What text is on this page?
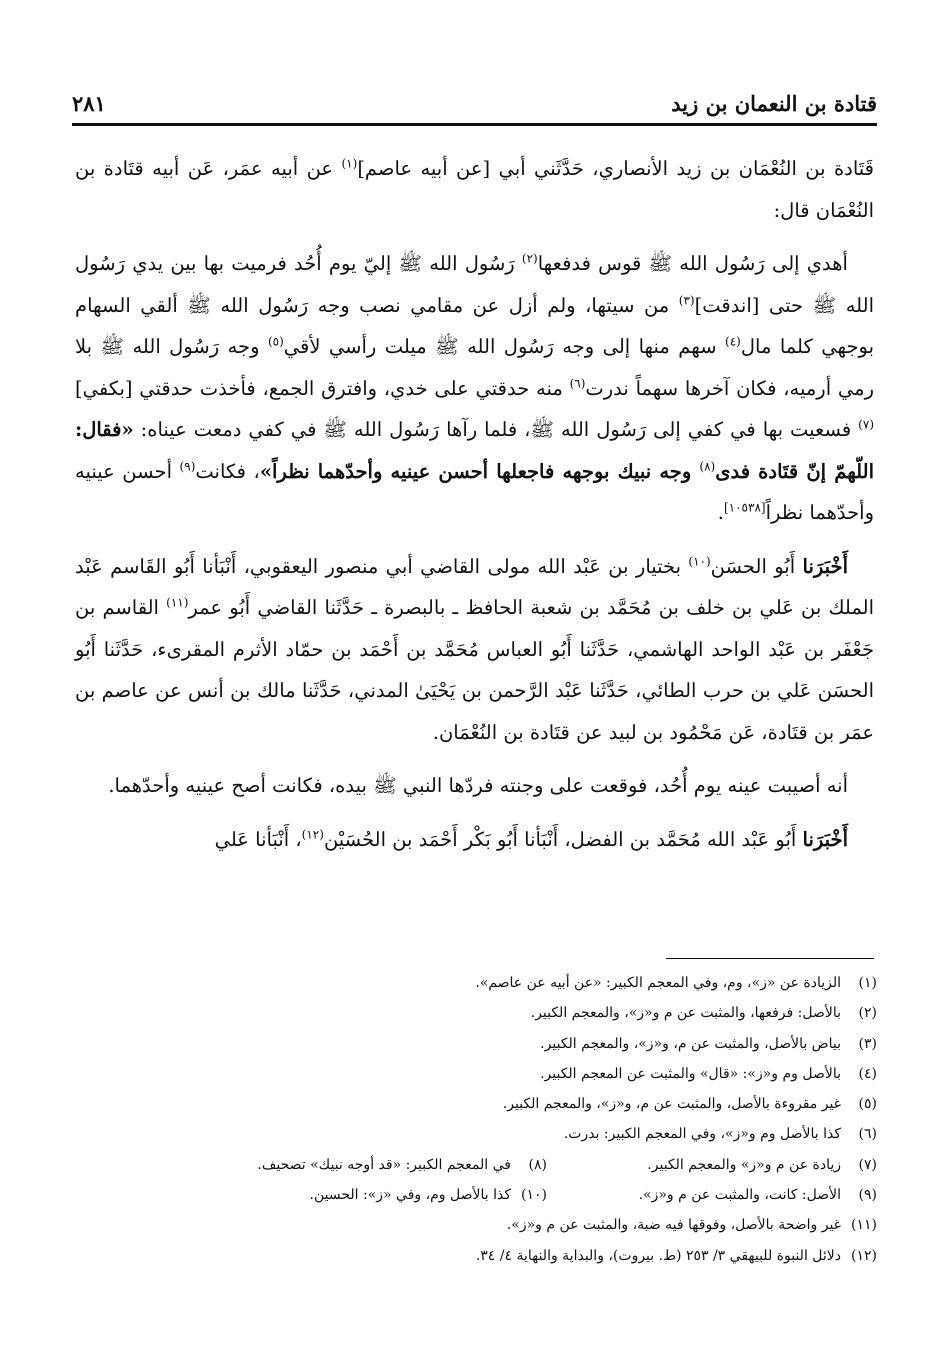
قتادة بن النعمان بن زيد
٢٨١

قَتَادة بن النُعْمَان بن زيد الأنصاري، حَدَّثَني أبي [عن أبيه عاصم]$^{(١)}$ عن أبيه عمَر، عَن أبيه قتَادة بن النُعْمَان قال:

أهدي إلى رَسُول الله ﷺ قوس فدفعها$^{(٢)}$ رَسُول الله ﷺ إليّ يوم أُحُد فرميت بها بين يدي رَسُول الله ﷺ حتى [اندقت]$^{(٣)}$ من سيتها، ولم أزل عن مقامي نصب وجه رَسُول الله ﷺ ألقي السهام بوجهي كلما مال$^{(٤)}$ سهم منها إلى وجه رَسُول الله ﷺ ميلت رأسي لأقي$^{(٥)}$ وجه رَسُول الله ﷺ بلا رمي أرميه، فكان آخرها سهماً ندرت$^{(٦)}$ منه حدقتي على خدي، وافترق الجمع، فأخذت حدقتي [بكفي]$^{(٧)}$ فسعيت بها في كفي إلى رَسُول الله ﷺ، فلما رآها رَسُول الله ﷺ في كفي دمعت عيناه: «فقال: اللّهمّ إنّ قتَادة فدى$^{(٨)}$ وجه نبيك بوجهه فاجعلها أحسن عينيه وأحدّهما نظراً»، فكانت$^{(٩)}$ أحسن عينيه وأحدّهما نظراً[١٠٥٣٨].

أَخْبَرَنا أَبُو الحسَن$^{(١٠)}$ بختيار بن عَبْد الله مولى القاضي أبي منصور اليعقوبي، أَنْبَأنا أَبُو القَاسم عَبْد الملك بن عَلي بن خلف بن مُحَمَّد بن شعبة الحافظ ـ بالبصرة ـ حَدَّثَنا القاضي أَبُو عمر$^{(١١)}$ القاسم بن جَعْفَر بن عَبْد الواحد الهاشمي، حَدَّثَنا أَبُو العباس مُحَمَّد بن أَحْمَد بن حمّاد الأثرم المقرىء، حَدَّثَنا أَبُو الحسَن عَلي بن حرب الطائي، حَدَّثَنا عَبْد الرَّحمن بن يَحْيَىٰ المدني، حَدَّثَنا مالك بن أنس عن عاصم بن عمَر بن قتَادة، عَن مَحْمُود بن لبيد عن قتَادة بن النُعْمَان.

أنه أصيبت عينه يوم أُحُد، فوقعت على وجنته فردّها النبي ﷺ بيده، فكانت أصح عينيه وأحدّهما.

أَخْبَرَنا أَبُو عَبْد الله مُحَمَّد بن الفضل، أَنْبَأنا أَبُو بَكْر أَحْمَد بن الحُسَيْن$^{(١٢)}$، أَنْبَأنا عَلي

(١)الزيادة عن «ز»، وم، وفي المعجم الكبير: «عن أبيه عن عاصم».
(٢)بالأصل: فرفعها، والمثبت عن م و«ز»، والمعجم الكبير.
(٣)بياض بالأصل، والمثبت عن م، و«ز»، والمعجم الكبير.
(٤)بالأصل وم و«ز»: «قال» والمثبت عن المعجم الكبير.
(٥)غير مقروءة بالأصل، والمثبت عن م، و«ز»، والمعجم الكبير.
(٦)كذا بالأصل وم و«ز»، وفي المعجم الكبير: بدرت.
(٧)زيادة عن م و«ز» والمعجم الكبير.
(٨)في المعجم الكبير: «قد أوجه نبيك» تصحيف.
(٩)الأصل: كانت، والمثبت عن م و«ز».
(١٠)كذا بالأصل وم، وفي «ز»: الحسين.
(١١)غير واضحة بالأصل، وفوقها فيه ضبة، والمثبت عن م و«ز».
(١٢)دلائل النبوة للبيهقي ٣/ ٢٥٣ (ط. بيروت)، والبداية والنهاية ٤/ ٣٤.
